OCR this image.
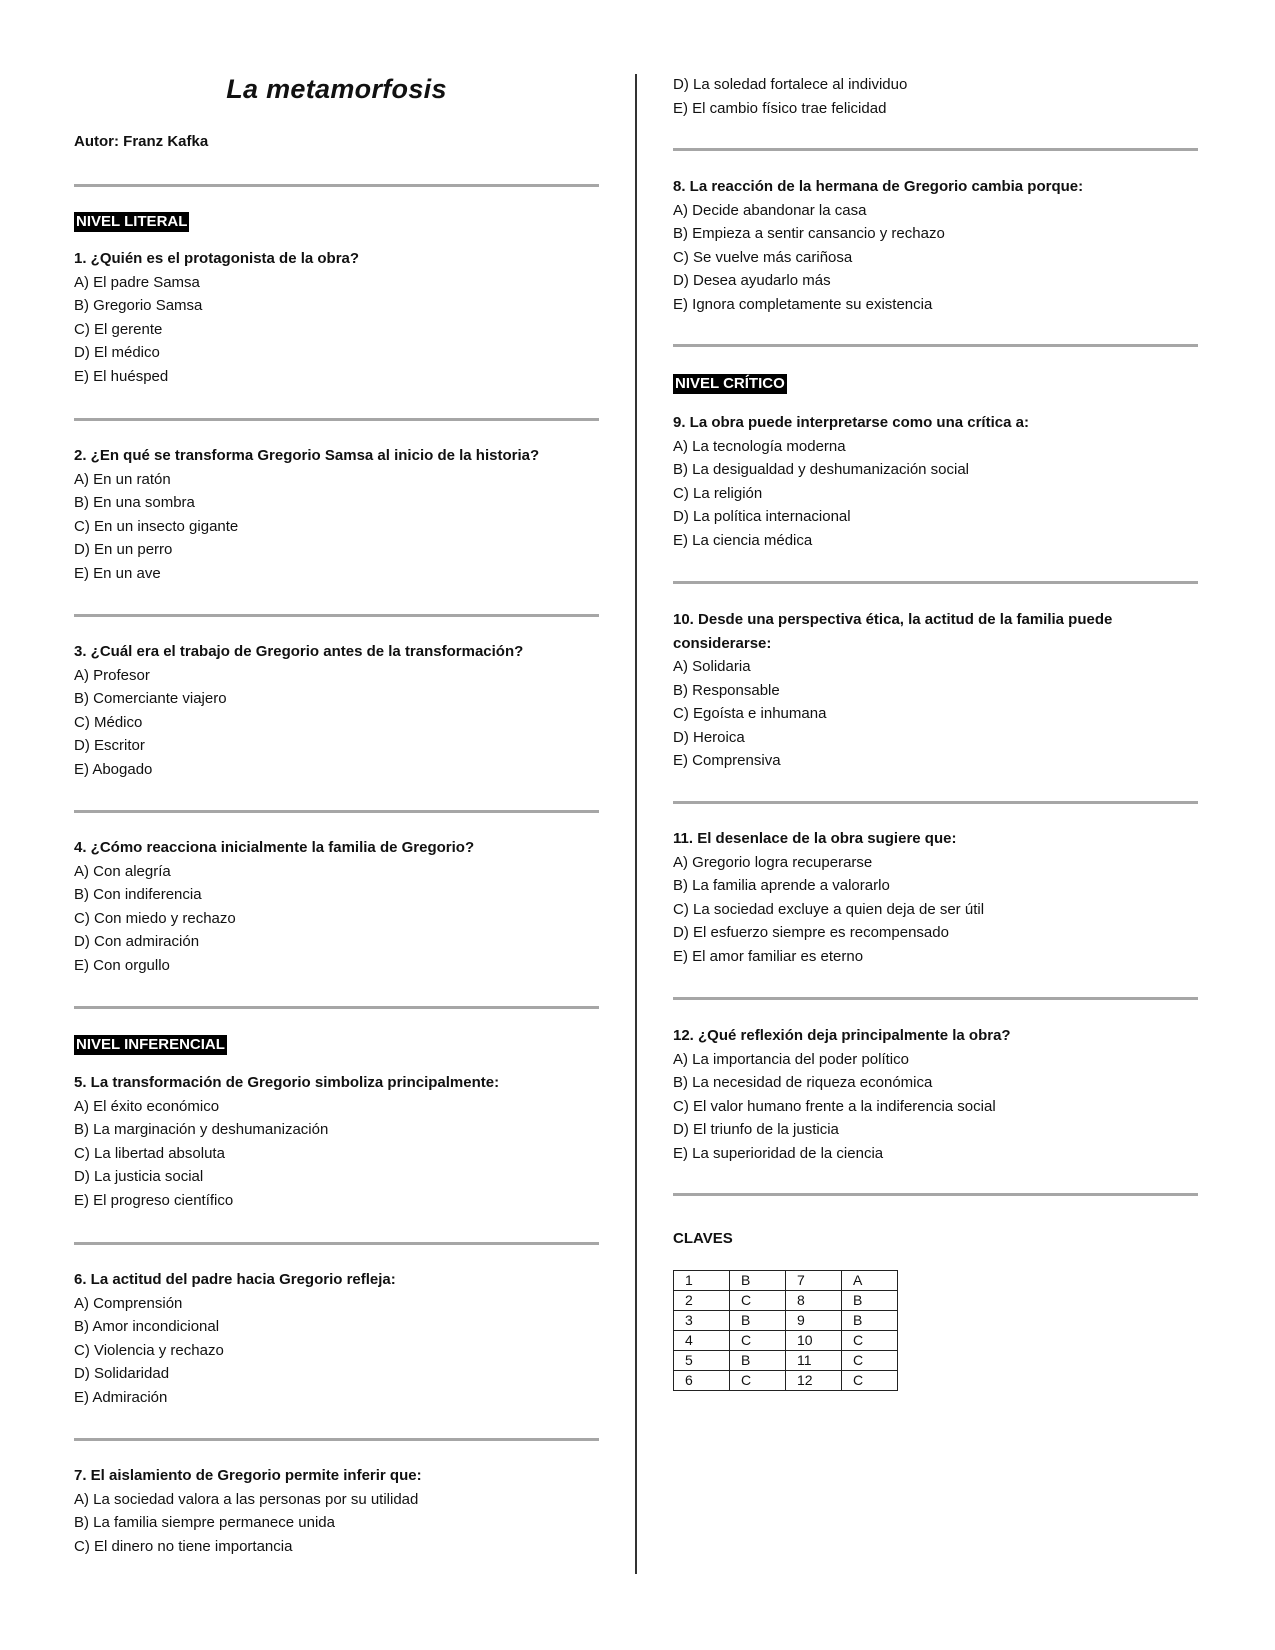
La metamorfosis
Autor: Franz Kafka
NIVEL LITERAL
1. ¿Quién es el protagonista de la obra?
A) El padre Samsa
B) Gregorio Samsa
C) El gerente
D) El médico
E) El huésped
2. ¿En qué se transforma Gregorio Samsa al inicio de la historia?
A) En un ratón
B) En una sombra
C) En un insecto gigante
D) En un perro
E) En un ave
3. ¿Cuál era el trabajo de Gregorio antes de la transformación?
A) Profesor
B) Comerciante viajero
C) Médico
D) Escritor
E) Abogado
4. ¿Cómo reacciona inicialmente la familia de Gregorio?
A) Con alegría
B) Con indiferencia
C) Con miedo y rechazo
D) Con admiración
E) Con orgullo
NIVEL INFERENCIAL
5. La transformación de Gregorio simboliza principalmente:
A) El éxito económico
B) La marginación y deshumanización
C) La libertad absoluta
D) La justicia social
E) El progreso científico
6. La actitud del padre hacia Gregorio refleja:
A) Comprensión
B) Amor incondicional
C) Violencia y rechazo
D) Solidaridad
E) Admiración
7. El aislamiento de Gregorio permite inferir que:
A) La sociedad valora a las personas por su utilidad
B) La familia siempre permanece unida
C) El dinero no tiene importancia
D) La soledad fortalece al individuo
E) El cambio físico trae felicidad
8. La reacción de la hermana de Gregorio cambia porque:
A) Decide abandonar la casa
B) Empieza a sentir cansancio y rechazo
C) Se vuelve más cariñosa
D) Desea ayudarlo más
E) Ignora completamente su existencia
NIVEL CRÍTICO
9. La obra puede interpretarse como una crítica a:
A) La tecnología moderna
B) La desigualdad y deshumanización social
C) La religión
D) La política internacional
E) La ciencia médica
10. Desde una perspectiva ética, la actitud de la familia puede considerarse:
A) Solidaria
B) Responsable
C) Egoísta e inhumana
D) Heroica
E) Comprensiva
11. El desenlace de la obra sugiere que:
A) Gregorio logra recuperarse
B) La familia aprende a valorarlo
C) La sociedad excluye a quien deja de ser útil
D) El esfuerzo siempre es recompensado
E) El amor familiar es eterno
12. ¿Qué reflexión deja principalmente la obra?
A) La importancia del poder político
B) La necesidad de riqueza económica
C) El valor humano frente a la indiferencia social
D) El triunfo de la justicia
E) La superioridad de la ciencia
CLAVES
1	B	7	A
2	C	8	B
3	B	9	B
4	C	10	C
5	B	11	C
6	C	12	C
